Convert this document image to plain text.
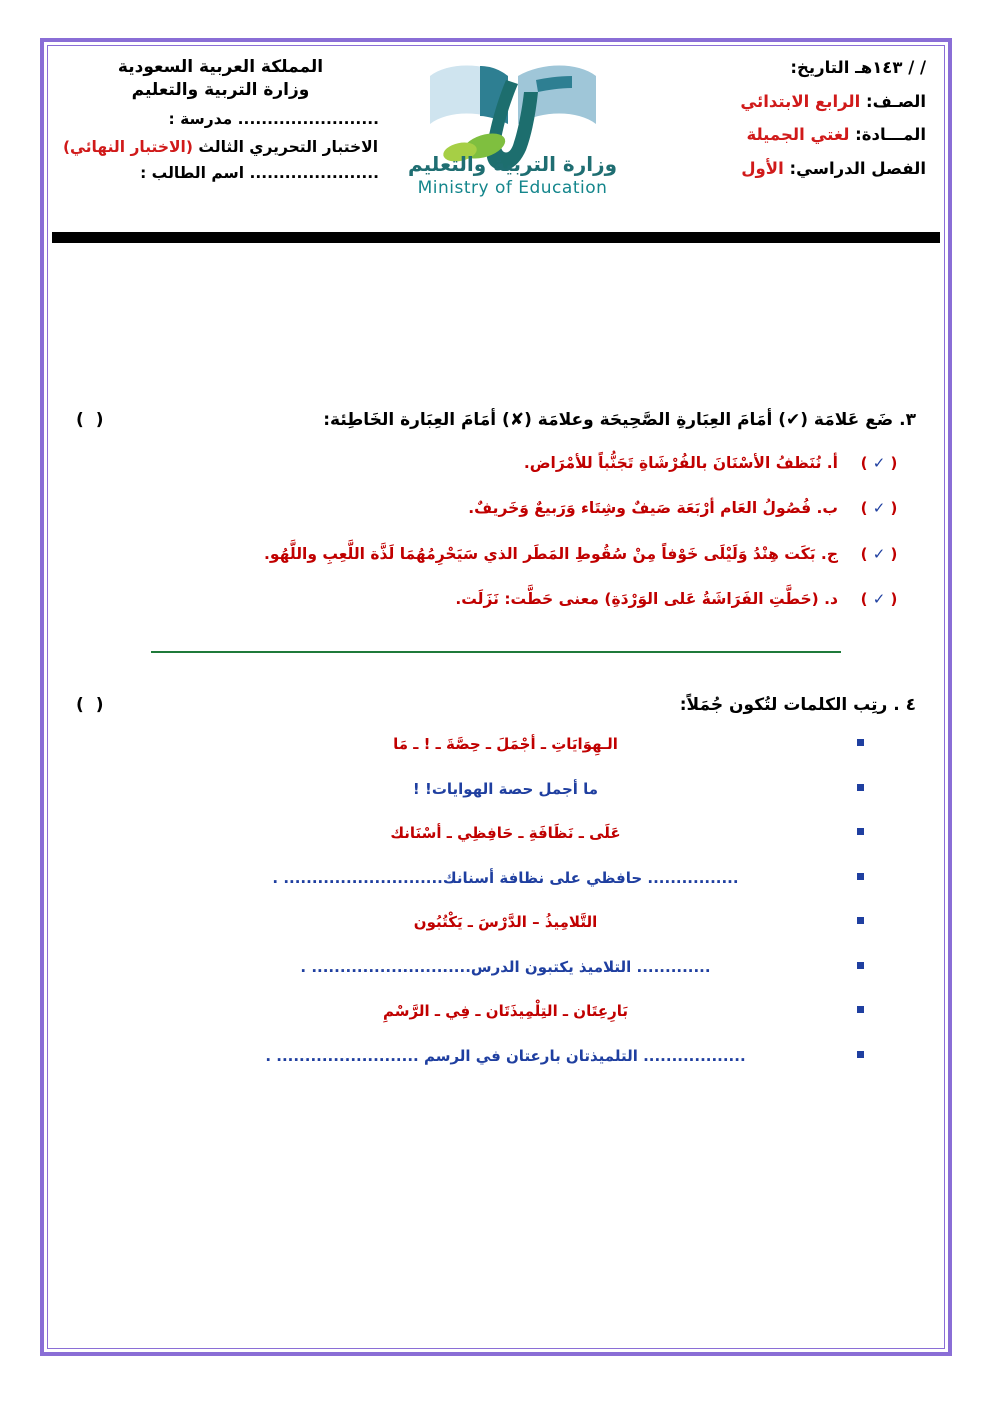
/ / ١٤٣هـ التاريخ:
الصـف: الرابع الابتدائي
المـــادة: لغتي الجميلة
الفصل الدراسي: الأول
وزارة التربية والتعليم
Ministry of Education
المملكة العربية السعودية
وزارة التربية والتعليم
........................ مدرسة :
الاختبار التحريري الثالث (الاختبار النهائي)
...................... اسم الطالب :
٣. ضَع عَلامَة (✔) أمَامَ العِبَارةِ الصَّحِيحَة وعلامَة (✘) أمَامَ العِبَارة الخَاطِئة:
( )
( ✓ )
أ. نُنَظفُ الأسْنَانَ بالفُرْشَاةِ تَجَنُّباً للأمْرَاض.
( ✓ )
ب. فُصُولُ العَام أرْبَعَة صَيفٌ وشِتَاء وَرَبيعٌ وَخَريفٌ.
( ✓ )
ج. بَكَت هِنْدُ وَلَيْلَى خَوْفاً مِنْ سُقُوطِ المَطَر الذي سَيَحْرِمُهُمَا لَذَّة اللَّعِبِ واللَّهُو.
( ✓ )
د. (حَطَّتِ الفَرَاشَةُ عَلى الوَرْدَةِ) معنى حَطَّت: نَزَلَت.
٤ . رتِب الكلمات لتُكون جُمَلاً:
( )
الـهِوَايَاتِ ـ أجْمَلَ ـ حِصَّةَ ـ ! ـ مَا
ما أجمل حصة الهوايات! !
عَلَى ـ نَظَافَةِ ـ حَافِظِي ـ أسْنَانك
................ حافظي على نظافة أسنانك............................ .
التَّلامِيذُ – الدَّرْسَ ـ يَكْتُبُون
............. التلاميذ يكتبون الدرس............................ .
بَارِعِتَان ـ التِلْمِيذَتَان ـ فِي ـ الرَّسْمِ
.................. التلميذتان بارعتان في الرسم ......................... .
